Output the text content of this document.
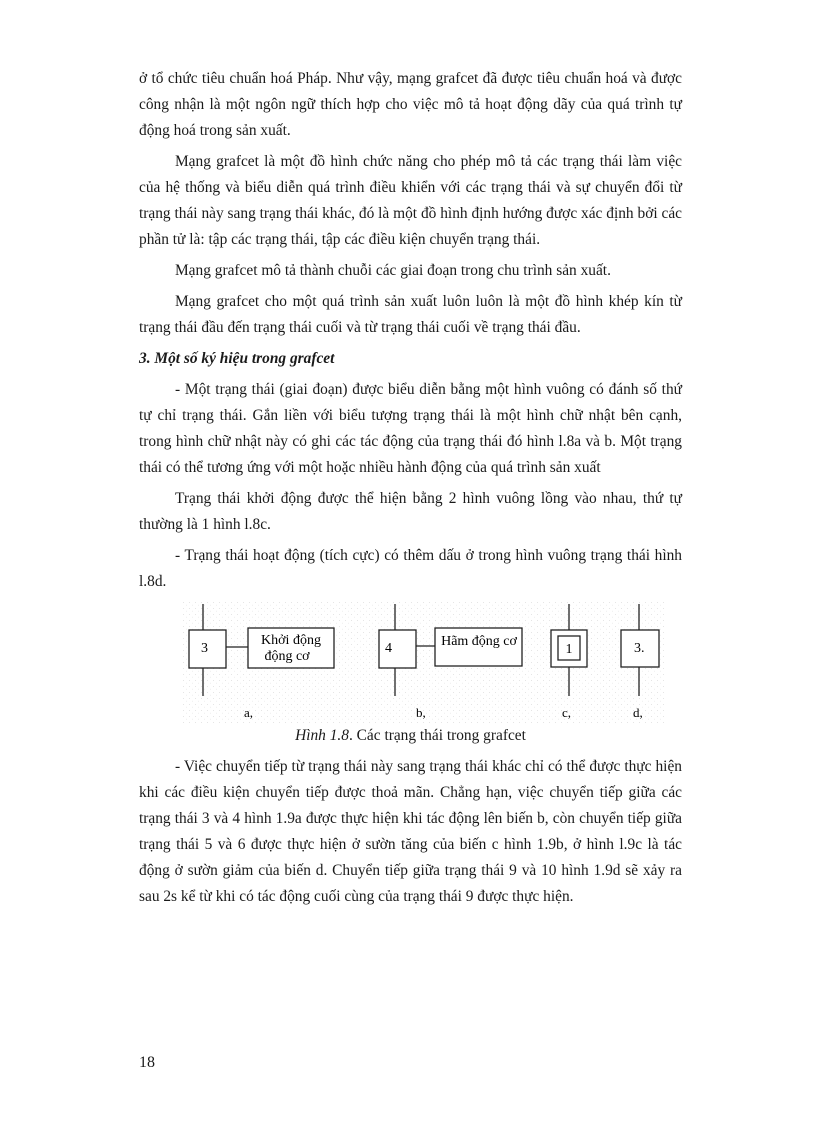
ở tổ chức tiêu chuẩn hoá Pháp. Như vậy, mạng grafcet đã được tiêu chuẩn hoá và được công nhận là một ngôn ngữ thích hợp cho việc mô tả hoạt động dãy của quá trình tự động hoá trong sản xuất.

Mạng grafcet là một đồ hình chức năng cho phép mô tả các trạng thái làm việc của hệ thống và biểu diễn quá trình điều khiển với các trạng thái và sự chuyển đổi từ trạng thái này sang trạng thái khác, đó là một đồ hình định hướng được xác định bởi các phần tử là: tập các trạng thái, tập các điều kiện chuyển trạng thái.

Mạng grafcet mô tả thành chuỗi các giai đoạn trong chu trình sản xuất.

Mạng grafcet cho một quá trình sản xuất luôn luôn là một đồ hình khép kín từ trạng thái đầu đến trạng thái cuối và từ trạng thái cuối về trạng thái đầu.

3. Một số ký hiệu trong grafcet

- Một trạng thái (giai đoạn) được biểu diễn bằng một hình vuông có đánh số thứ tự chỉ trạng thái. Gắn liền với biểu tượng trạng thái là một hình chữ nhật bên cạnh, trong hình chữ nhật này có ghi các tác động của trạng thái đó hình l.8a và b. Một trạng thái có thể tương ứng với một hoặc nhiều hành động của quá trình sản xuất

Trạng thái khởi động được thể hiện bằng 2 hình vuông lồng vào nhau, thứ tự thường là 1 hình l.8c.

- Trạng thái hoạt động (tích cực) có thêm dấu ở trong hình vuông trạng thái hình l.8d.

3
Khởi động
động cơ
a,
4	Hãm động cơ
b,
1
c,
3.
d,

Hình 1.8. Các trạng thái trong grafcet

- Việc chuyển tiếp từ trạng thái này sang trạng thái khác chỉ có thể được thực hiện khi các điều kiện chuyển tiếp được thoả mãn. Chẳng hạn, việc chuyển tiếp giữa các trạng thái 3 và 4 hình 1.9a được thực hiện khi tác động lên biến b, còn chuyển tiếp giữa trạng thái 5 và 6 được thực hiện ở sườn tăng của biến c hình 1.9b, ở hình l.9c là tác động ở sườn giảm của biến d. Chuyển tiếp giữa trạng thái 9 và 10 hình 1.9d sẽ xảy ra sau 2s kể từ khi có tác động cuối cùng của trạng thái 9 được thực hiện.

18
